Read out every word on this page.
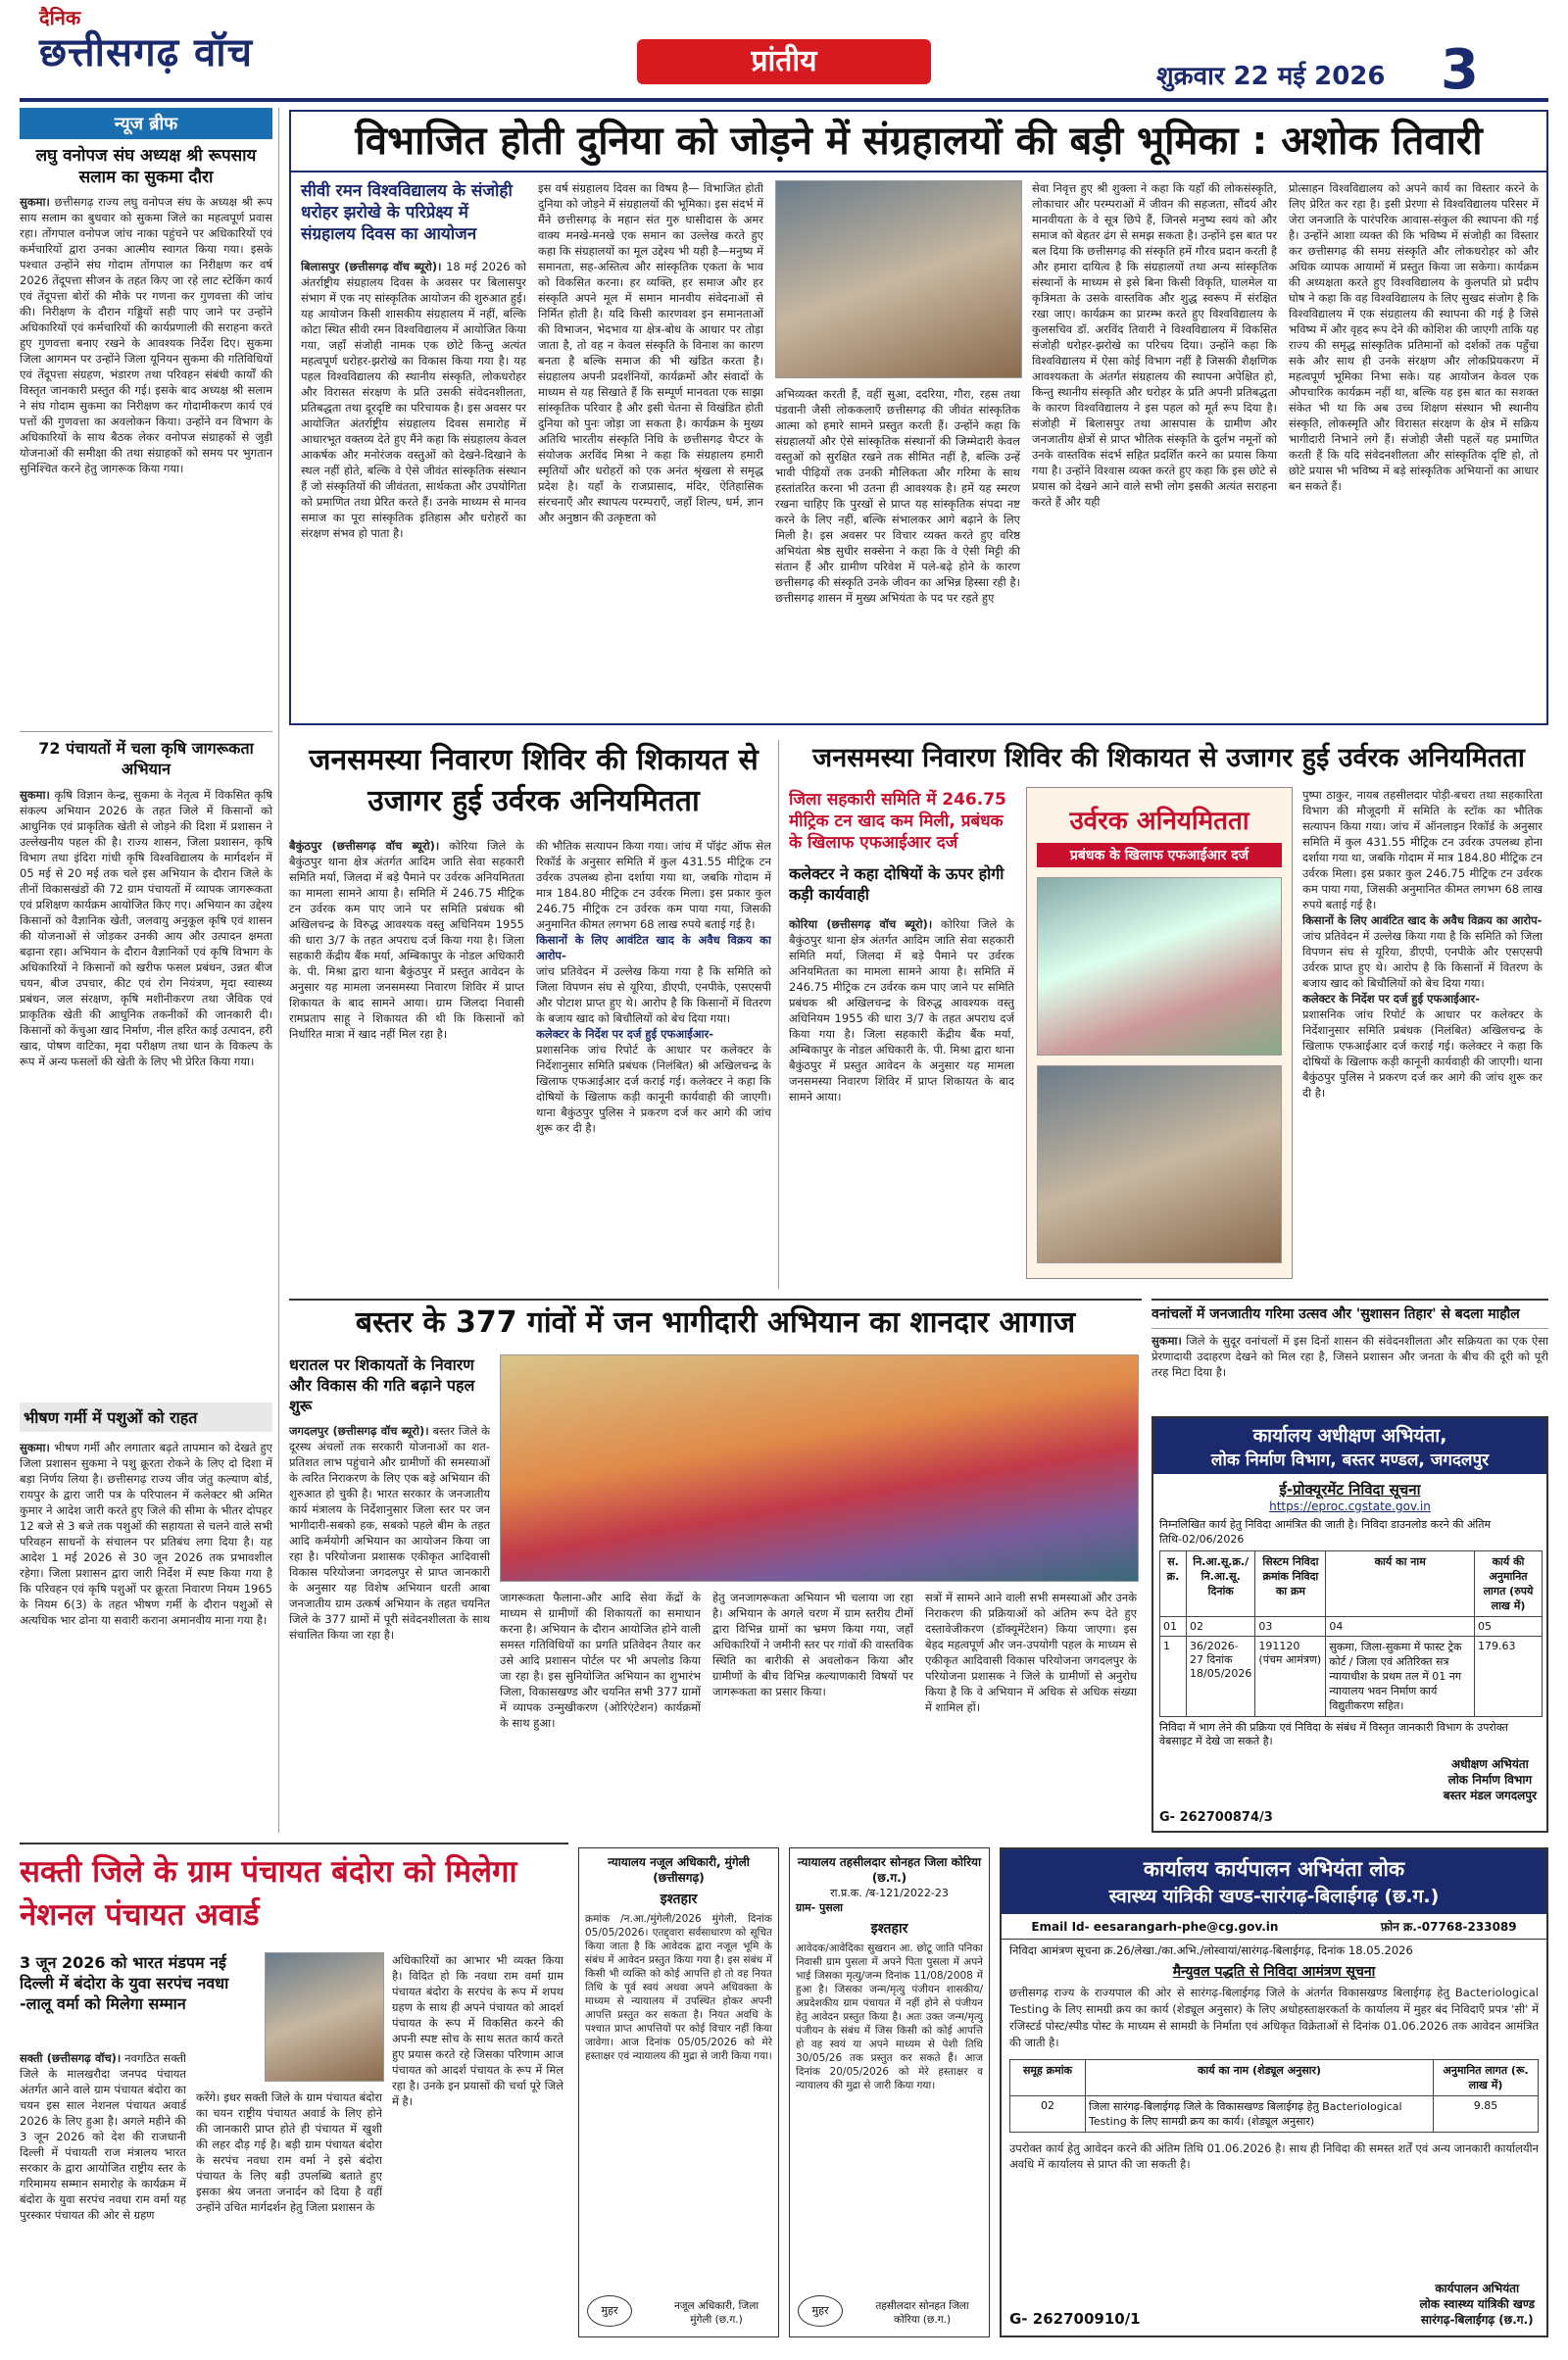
दैनिक
छत्तीसगढ़ वॉच	प्रांतीय	शुक्रवार 22 मई 2026 3
न्यूज ब्रीफ
लघु वनोपज संघ अध्यक्ष श्री रूपसाय सलाम का सुकमा दौरा
सुकमा। छत्तीसगढ़ राज्य लघु वनोपज संघ के अध्यक्ष श्री रूप साय सलाम का बुधवार को सुकमा जिले का महत्वपूर्ण प्रवास रहा। तोंगपाल वनोपज जांच नाका पहुंचने पर अधिकारियों एवं कर्मचारियों द्वारा उनका आत्मीय स्वागत किया गया। इसके पश्चात उन्होंने संघ गोदाम तोंगपाल का निरीक्षण कर वर्ष 2026 तेंदूपत्ता सीजन के तहत किए जा रहे लाट स्टेकिंग कार्य एवं तेंदूपत्ता बोरों की मौके पर गणना कर गुणवत्ता की जांच की। निरीक्षण के दौरान गड्डियों सही पाए जाने पर उन्होंने अधिकारियों एवं कर्मचारियों की कार्यप्रणाली की सराहना करते हुए गुणवत्ता बनाए रखने के आवश्यक निर्देश दिए। सुकमा जिला आगमन पर उन्होंने जिला यूनियन सुकमा की गतिविधियों एवं तेंदूपत्ता संग्रहण, भंडारण तथा परिवहन संबंधी कार्यों की विस्तृत जानकारी प्रस्तुत की गई। इसके बाद अध्यक्ष श्री सलाम ने संघ गोदाम सुकमा का निरीक्षण कर गोदामीकरण कार्य एवं पत्तों की गुणवत्ता का अवलोकन किया। उन्होंने वन विभाग के अधिकारियों के साथ बैठक लेकर वनोपज संग्राहकों से जुड़ी योजनाओं की समीक्षा की तथा संग्राहकों को समय पर भुगतान सुनिश्चित करने हेतु जागरूक किया गया।
72 पंचायतों में चला कृषि जागरूकता अभियान
सुकमा। कृषि विज्ञान केन्द्र, सुकमा के नेतृत्व में विकसित कृषि संकल्प अभियान 2026 के तहत जिले में किसानों को आधुनिक एवं प्राकृतिक खेती से जोड़ने की दिशा में प्रशासन ने उल्लेखनीय पहल की है। राज्य शासन, जिला प्रशासन, कृषि विभाग तथा इंदिरा गांधी कृषि विश्वविद्यालय के मार्गदर्शन में 05 मई से 20 मई तक चले इस अभियान के दौरान जिले के तीनों विकासखंडों की 72 ग्राम पंचायतों में व्यापक जागरूकता एवं प्रशिक्षण कार्यक्रम आयोजित किए गए। अभियान का उद्देश्य किसानों को वैज्ञानिक खेती, जलवायु अनुकूल कृषि एवं शासन की योजनाओं से जोड़कर उनकी आय और उत्पादन क्षमता बढ़ाना रहा। अभियान के दौरान वैज्ञानिकों एवं कृषि विभाग के अधिकारियों ने किसानों को खरीफ फसल प्रबंधन, उन्नत बीज चयन, बीज उपचार, कीट एवं रोग नियंत्रण, मृदा स्वास्थ्य प्रबंधन, जल संरक्षण, कृषि मशीनीकरण तथा जैविक एवं प्राकृतिक खेती की आधुनिक तकनीकों की जानकारी दी। किसानों को केंचुआ खाद निर्माण, नील हरित काई उत्पादन, हरी खाद, पोषण वाटिका, मृदा परीक्षण तथा धान के विकल्प के रूप में अन्य फसलों की खेती के लिए भी प्रेरित किया गया।
भीषण गर्मी में पशुओं को राहत
सुकमा। भीषण गर्मी और लगातार बढ़ते तापमान को देखते हुए जिला प्रशासन सुकमा ने पशु क्रूरता रोकने के लिए दो दिशा में बड़ा निर्णय लिया है। छत्तीसगढ़ राज्य जीव जंतु कल्याण बोर्ड, रायपुर के द्वारा जारी पत्र के परिपालन में कलेक्टर श्री अमित कुमार ने आदेश जारी करते हुए जिले की सीमा के भीतर दोपहर 12 बजे से 3 बजे तक पशुओं की सहायता से चलने वाले सभी परिवहन साधनों के संचालन पर प्रतिबंध लगा दिया है। यह आदेश 1 मई 2026 से 30 जून 2026 तक प्रभावशील रहेगा। जिला प्रशासन द्वारा जारी निर्देश में स्पष्ट किया गया है कि परिवहन एवं कृषि पशुओं पर क्रूरता निवारण नियम 1965 के नियम 6(3) के तहत भीषण गर्मी के दौरान पशुओं से अत्यधिक भार ढोना या सवारी कराना अमानवीय माना गया है।
विभाजित होती दुनिया को जोड़ने में संग्रहालयों की बड़ी भूमिका : अशोक तिवारी
सीवी रमन विश्वविद्यालय के संजोही धरोहर झरोखे के परिप्रेक्ष्य में संग्रहालय दिवस का आयोजन
बिलासपुर (छत्तीसगढ़ वॉच ब्यूरो)। 18 मई 2026 को अंतर्राष्ट्रीय संग्रहालय दिवस के अवसर पर बिलासपुर संभाग में एक नए सांस्कृतिक आयोजन की शुरुआत हुई। यह आयोजन किसी शासकीय संग्रहालय में नहीं, बल्कि कोटा स्थित सीवी रमन विश्वविद्यालय में आयोजित किया गया, जहाँ संजोही नामक एक छोटे किन्तु अत्यंत महत्वपूर्ण धरोहर-झरोखे का विकास किया गया है। यह पहल विश्वविद्यालय की स्थानीय संस्कृति, लोकधरोहर और विरासत संरक्षण के प्रति उसकी संवेदनशीलता, प्रतिबद्धता तथा दूरदृष्टि का परिचायक है। इस अवसर पर आयोजित अंतर्राष्ट्रीय संग्रहालय दिवस समारोह में आधारभूत वक्तव्य देते हुए मैंने कहा कि संग्रहालय केवल आकर्षक और मनोरंजक वस्तुओं को देखने-दिखाने के स्थल नहीं होते, बल्कि वे ऐसे जीवंत सांस्कृतिक संस्थान हैं जो संस्कृतियों की जीवंतता, सार्थकता और उपयोगिता को प्रमाणित तथा प्रेरित करते हैं। उनके माध्यम से मानव समाज का पूरा सांस्कृतिक इतिहास और धरोहरों का संरक्षण संभव हो पाता है।
इस वर्ष संग्रहालय दिवस का विषय है— विभाजित होती दुनिया को जोड़ने में संग्रहालयों की भूमिका। इस संदर्भ में मैंने छत्तीसगढ़ के महान संत गुरु घासीदास के अमर वाक्य मनखे-मनखे एक समान का उल्लेख करते हुए कहा कि संग्रहालयों का मूल उद्देश्य भी यही है—मनुष्य में समानता, सह-अस्तित्व और सांस्कृतिक एकता के भाव को विकसित करना। हर व्यक्ति, हर समाज और हर संस्कृति अपने मूल में समान मानवीय संवेदनाओं से निर्मित होती है। यदि किसी कारणवश इन समानताओं की विभाजन, भेदभाव या क्षेत्र-बोध के आधार पर तोड़ा जाता है, तो वह न केवल संस्कृति के विनाश का कारण बनता है बल्कि समाज की भी खंडित करता है। संग्रहालय अपनी प्रदर्शनियों, कार्यक्रमों और संवादों के माध्यम से यह सिखाते हैं कि सम्पूर्ण मानवता एक साझा सांस्कृतिक परिवार है और इसी चेतना से विखंडित होती दुनिया को पुनः जोड़ा जा सकता है। कार्यक्रम के मुख्य अतिथि भारतीय संस्कृति निधि के छत्तीसगढ़ चैप्टर के संयोजक अरविंद मिश्रा ने कहा कि संग्रहालय हमारी स्मृतियों और धरोहरों को एक अनंत श्रृंखला से समृद्ध प्रदेश है। यहाँ के राजप्रासाद, मंदिर, ऐतिहासिक संरचनाएँ और स्थापत्य परम्पराएँ, जहाँ शिल्प, धर्म, ज्ञान और अनुष्ठान की उत्कृष्टता को
अभिव्यक्त करती हैं, वहीं सुआ, ददरिया, गौरा, रहस तथा पंडवानी जैसी लोककलाएँ छत्तीसगढ़ की जीवंत सांस्कृतिक आत्मा को हमारे सामने प्रस्तुत करती हैं। उन्होंने कहा कि संग्रहालयों और ऐसे सांस्कृतिक संस्थानों की जिम्मेदारी केवल वस्तुओं को सुरक्षित रखने तक सीमित नहीं है, बल्कि उन्हें भावी पीढ़ियों तक उनकी मौलिकता और गरिमा के साथ हस्तांतरित करना भी उतना ही आवश्यक है। हमें यह स्मरण रखना चाहिए कि पुरखों से प्राप्त यह सांस्कृतिक संपदा नष्ट करने के लिए नहीं, बल्कि संभालकर आगे बढ़ाने के लिए मिली है। इस अवसर पर विचार व्यक्त करते हुए वरिष्ठ अभियंता श्रेष्ठ सुधीर सक्सेना ने कहा कि वे ऐसी मिट्टी की संतान हैं और ग्रामीण परिवेश में पले-बढ़े होने के कारण छत्तीसगढ़ की संस्कृति उनके जीवन का अभिन्न हिस्सा रही है। छत्तीसगढ़ शासन में मुख्य अभियंता के पद पर रहते हुए
सेवा निवृत्त हुए श्री शुक्ला ने कहा कि यहाँ की लोकसंस्कृति, लोकाचार और परम्पराओं में जीवन की सहजता, सौंदर्य और मानवीयता के वे सूत्र छिपे हैं, जिनसे मनुष्य स्वयं को और समाज को बेहतर ढंग से समझ सकता है। उन्होंने इस बात पर बल दिया कि छत्तीसगढ़ की संस्कृति हमें गौरव प्रदान करती है और हमारा दायित्व है कि संग्रहालयों तथा अन्य सांस्कृतिक संस्थानों के माध्यम से इसे बिना किसी विकृति, घालमेल या कृत्रिमता के उसके वास्तविक और शुद्ध स्वरूप में संरक्षित रखा जाए। कार्यक्रम का प्रारम्भ करते हुए विश्वविद्यालय के कुलसचिव डॉ. अरविंद तिवारी ने विश्वविद्यालय में विकसित संजोही धरोहर-झरोखे का परिचय दिया। उन्होंने कहा कि विश्वविद्यालय में ऐसा कोई विभाग नहीं है जिसकी शैक्षणिक आवश्यकता के अंतर्गत संग्रहालय की स्थापना अपेक्षित हो, किन्तु स्थानीय संस्कृति और धरोहर के प्रति अपनी प्रतिबद्धता के कारण विश्वविद्यालय ने इस पहल को मूर्त रूप दिया है। संजोही में बिलासपुर तथा आसपास के ग्रामीण और जनजातीय क्षेत्रों से प्राप्त भौतिक संस्कृति के दुर्लभ नमूनों को उनके वास्तविक संदर्भ सहित प्रदर्शित करने का प्रयास किया गया है। उन्होंने विश्वास व्यक्त करते हुए कहा कि इस छोटे से प्रयास को देखने आने वाले सभी लोग इसकी अत्यंत सराहना करते हैं और यही
प्रोत्साहन विश्वविद्यालय को अपने कार्य का विस्तार करने के लिए प्रेरित कर रहा है। इसी प्रेरणा से विश्वविद्यालय परिसर में जेरा जनजाति के पारंपरिक आवास-संकुल की स्थापना की गई है। उन्होंने आशा व्यक्त की कि भविष्य में संजोही का विस्तार कर छत्तीसगढ़ की समग्र संस्कृति और लोकधरोहर को और अधिक व्यापक आयामों में प्रस्तुत किया जा सकेगा। कार्यक्रम की अध्यक्षता करते हुए विश्वविद्यालय के कुलपति प्रो प्रदीप घोष ने कहा कि वह विश्वविद्यालय के लिए सुखद संजोग है कि विश्वविद्यालय में एक संग्रहालय की स्थापना की गई है जिसे भविष्य में और वृहद रूप देने की कोशिश की जाएगी ताकि यह राज्य की समृद्ध सांस्कृतिक प्रतिमानों को दर्शकों तक पहुँचा सके और साथ ही उनके संरक्षण और लोकप्रियकरण में महत्वपूर्ण भूमिका निभा सके। यह आयोजन केवल एक औपचारिक कार्यक्रम नहीं था, बल्कि यह इस बात का सशक्त संकेत भी था कि अब उच्च शिक्षण संस्थान भी स्थानीय संस्कृति, लोकस्मृति और विरासत संरक्षण के क्षेत्र में सक्रिय भागीदारी निभाने लगे हैं। संजोही जैसी पहलें यह प्रमाणित करती हैं कि यदि संवेदनशीलता और सांस्कृतिक दृष्टि हो, तो छोटे प्रयास भी भविष्य में बड़े सांस्कृतिक अभियानों का आधार बन सकते हैं।
जनसमस्या निवारण शिविर की शिकायत से उजागर हुई उर्वरक अनियमितता
बैकुंठपुर (छत्तीसगढ़ वॉच ब्यूरो)। कोरिया जिले के बैकुंठपुर थाना क्षेत्र अंतर्गत आदिम जाति सेवा सहकारी समिति मर्या, जिलदा में बड़े पैमाने पर उर्वरक अनियमितता का मामला सामने आया है। समिति में 246.75 मीट्रिक टन उर्वरक कम पाए जाने पर समिति प्रबंधक श्री अखिलचन्द्र के विरुद्ध आवश्यक वस्तु अधिनियम 1955 की धारा 3/7 के तहत अपराध दर्ज किया गया है। जिला सहकारी केंद्रीय बैंक मर्या, अम्बिकापुर के नोडल अधिकारी के. पी. मिश्रा द्वारा थाना बैकुंठपुर में प्रस्तुत आवेदन के अनुसार यह मामला जनसमस्या निवारण शिविर में प्राप्त शिकायत के बाद सामने आया। ग्राम जिलदा निवासी रामप्रताप साहू ने शिकायत की थी कि किसानों को निर्धारित मात्रा में खाद नहीं मिल रहा है।
की भौतिक सत्यापन किया गया। जांच में पॉइंट ऑफ सेल रिकॉर्ड के अनुसार समिति में कुल 431.55 मीट्रिक टन उर्वरक उपलब्ध होना दर्शाया गया था, जबकि गोदाम में मात्र 184.80 मीट्रिक टन उर्वरक मिला। इस प्रकार कुल 246.75 मीट्रिक टन उर्वरक कम पाया गया, जिसकी अनुमानित कीमत लगभग 68 लाख रुपये बताई गई है।
किसानों के लिए आवंटित खाद के अवैध विक्रय का आरोप-
जांच प्रतिवेदन में उल्लेख किया गया है कि समिति को जिला विपणन संघ से यूरिया, डीएपी, एनपीके, एसएसपी और पोटाश प्राप्त हुए थे। आरोप है कि किसानों में वितरण के बजाय खाद को बिचौलियों को बेच दिया गया।
कलेक्टर के निर्देश पर दर्ज हुई एफआईआर-
प्रशासनिक जांच रिपोर्ट के आधार पर कलेक्टर के निर्देशानुसार समिति प्रबंधक (निलंबित) श्री अखिलचन्द्र के खिलाफ एफआईआर दर्ज कराई गई। कलेक्टर ने कहा कि दोषियों के खिलाफ कड़ी कानूनी कार्यवाही की जाएगी। थाना बैकुंठपुर पुलिस ने प्रकरण दर्ज कर आगे की जांच शुरू कर दी है।
जनसमस्या निवारण शिविर की शिकायत से उजागर हुई उर्वरक अनियमितता
जिला सहकारी समिति में 246.75 मीट्रिक टन खाद कम मिली, प्रबंधक के खिलाफ एफआईआर दर्ज
कलेक्टर ने कहा दोषियों के ऊपर होगी कड़ी कार्यवाही
कोरिया (छत्तीसगढ़ वॉच ब्यूरो)। कोरिया जिले के बैकुंठपुर थाना क्षेत्र अंतर्गत आदिम जाति सेवा सहकारी समिति मर्या, जिलदा में बड़े पैमाने पर उर्वरक अनियमितता का मामला सामने आया है। समिति में 246.75 मीट्रिक टन उर्वरक कम पाए जाने पर समिति प्रबंधक श्री अखिलचन्द्र के विरुद्ध आवश्यक वस्तु अधिनियम 1955 की धारा 3/7 के तहत अपराध दर्ज किया गया है। जिला सहकारी केंद्रीय बैंक मर्या, अम्बिकापुर के नोडल अधिकारी के. पी. मिश्रा द्वारा थाना बैकुंठपुर में प्रस्तुत आवेदन के अनुसार यह मामला जनसमस्या निवारण शिविर में प्राप्त शिकायत के बाद सामने आया।
उर्वरक अनियमितता
प्रबंधक के खिलाफ एफआईआर दर्ज
पुष्पा ठाकुर, नायब तहसीलदार पोड़ी-बचरा तथा सहकारिता विभाग की मौजूदगी में समिति के स्टॉक का भौतिक सत्यापन किया गया। जांच में ऑनलाइन रिकॉर्ड के अनुसार समिति में कुल 431.55 मीट्रिक टन उर्वरक उपलब्ध होना दर्शाया गया था, जबकि गोदाम में मात्र 184.80 मीट्रिक टन उर्वरक मिला। इस प्रकार कुल 246.75 मीट्रिक टन उर्वरक कम पाया गया, जिसकी अनुमानित कीमत लगभग 68 लाख रुपये बताई गई है।
किसानों के लिए आवंटित खाद के अवैध विक्रय का आरोप-
जांच प्रतिवेदन में उल्लेख किया गया है कि समिति को जिला विपणन संघ से यूरिया, डीएपी, एनपीके और एसएसपी उर्वरक प्राप्त हुए थे। आरोप है कि किसानों में वितरण के बजाय खाद को बिचौलियों को बेच दिया गया।
कलेक्टर के निर्देश पर दर्ज हुई एफआईआर-
प्रशासनिक जांच रिपोर्ट के आधार पर कलेक्टर के निर्देशानुसार समिति प्रबंधक (निलंबित) अखिलचन्द्र के खिलाफ एफआईआर दर्ज कराई गई। कलेक्टर ने कहा कि दोषियों के खिलाफ कड़ी कानूनी कार्यवाही की जाएगी। थाना बैकुंठपुर पुलिस ने प्रकरण दर्ज कर आगे की जांच शुरू कर दी है।
बस्तर के 377 गांवों में जन भागीदारी अभियान का शानदार आगाज
धरातल पर शिकायतों के निवारण और विकास की गति बढ़ाने पहल शुरू
जगदलपुर (छत्तीसगढ़ वॉच ब्यूरो)। बस्तर जिले के दूरस्थ अंचलों तक सरकारी योजनाओं का शत-प्रतिशत लाभ पहुंचाने और ग्रामीणों की समस्याओं के त्वरित निराकरण के लिए एक बड़े अभियान की शुरुआत हो चुकी है। भारत सरकार के जनजातीय कार्य मंत्रालय के निर्देशानुसार जिला स्तर पर जन भागीदारी-सबको हक, सबको पहले बीम के तहत आदि कर्मयोगी अभियान का आयोजन किया जा रहा है। परियोजना प्रशासक एकीकृत आदिवासी विकास परियोजना जगदलपुर से प्राप्त जानकारी के अनुसार यह विशेष अभियान धरती आबा जनजातीय ग्राम उत्कर्ष अभियान के तहत चयनित जिले के 377 ग्रामों में पूरी संवेदनशीलता के साथ संचालित किया जा रहा है।
जागरूकता फैलाना-और आदि सेवा केंद्रों के माध्यम से ग्रामीणों की शिकायतों का समाधान करना है। अभियान के दौरान आयोजित होने वाली समस्त गतिविधियों का प्रगति प्रतिवेदन तैयार कर उसे आदि प्रशासन पोर्टल पर भी अपलोड किया जा रहा है। इस सुनियोजित अभियान का शुभारंभ जिला, विकासखण्ड और चयनित सभी 377 ग्रामों में व्यापक उन्मुखीकरण (ओरिएंटेशन) कार्यक्रमों के साथ हुआ।
हेतु जनजागरूकता अभियान भी चलाया जा रहा है। अभियान के अगले चरण में ग्राम स्तरीय टीमों द्वारा विभिन्न ग्रामों का भ्रमण किया गया, जहाँ अधिकारियों ने जमीनी स्तर पर गांवों की वास्तविक स्थिति का बारीकी से अवलोकन किया और ग्रामीणों के बीच विभिन्न कल्याणकारी विषयों पर जागरूकता का प्रसार किया।
सत्रों में सामने आने वाली सभी समस्याओं और उनके निराकरण की प्रक्रियाओं को अंतिम रूप देते हुए दस्तावेजीकरण (डॉक्यूमेंटेशन) किया जाएगा। इस बेहद महत्वपूर्ण और जन-उपयोगी पहल के माध्यम से एकीकृत आदिवासी विकास परियोजना जगदलपुर के परियोजना प्रशासक ने जिले के ग्रामीणों से अनुरोध किया है कि वे अभियान में अधिक से अधिक संख्या में शामिल हों।
वनांचलों में जनजातीय गरिमा उत्सव और 'सुशासन तिहार' से बदला माहौल
सुकमा। जिले के सुदूर वनांचलों में इस दिनों शासन की संवेदनशीलता और सक्रियता का एक ऐसा प्रेरणादायी उदाहरण देखने को मिल रहा है, जिसने प्रशासन और जनता के बीच की दूरी को पूरी तरह मिटा दिया है।
कार्यालय अधीक्षण अभियंता,
लोक निर्माण विभाग, बस्तर मण्डल, जगदलपुर
ई-प्रोक्यूरमेंट निविदा सूचना
https://eproc.cgstate.gov.in
निम्नलिखित कार्य हेतु निविदा आमंत्रित की जाती है। निविदा डाउनलोड करने की अंतिम तिथि-02/06/2026
स. क्र.	नि.आ.सू.क्र./ नि.आ.सू. दिनांक	सिस्टम निविदा क्रमांक निविदा का क्रम	कार्य का नाम	कार्य की अनुमानित लागत (रुपये लाख में)
01	02	03	04	05
1	36/2026-27 दिनांक 18/05/2026	191120 (पंचम आमंत्रण)	सुकमा, जिला-सुकमा में फास्ट ट्रेक कोर्ट / जिला एवं अतिरिक्त सत्र न्यायाधीश के प्रथम तल में 01 नग न्यायालय भवन निर्माण कार्य विद्युतीकरण सहित।	179.63
निविदा में भाग लेने की प्रक्रिया एवं निविदा के संबंध में विस्तृत जानकारी विभाग के उपरोक्त वेबसाइट में देखे जा सकते है।
अधीक्षण अभियंता
लोक निर्माण विभाग
बस्तर मंडल जगदलपुर
G- 262700874/3
सक्ती जिले के ग्राम पंचायत बंदोरा को मिलेगा नेशनल पंचायत अवार्ड
3 जून 2026 को भारत मंडपम नई दिल्ली में बंदोरा के युवा सरपंच नवधा -लालू वर्मा को मिलेगा सम्मान
सक्ती (छत्तीसगढ़ वॉच)। नवगठित सक्ती जिले के मालखरौदा जनपद पंचायत अंतर्गत आने वाले ग्राम पंचायत बंदोरा का चयन इस साल नेशनल पंचायत अवार्ड 2026 के लिए हुआ है। अगले महीने की 3 जून 2026 को देश की राजधानी दिल्ली में पंचायती राज मंत्रालय भारत सरकार के द्वारा आयोजित राष्ट्रीय स्तर के गरिमामय सम्मान समारोह के कार्यक्रम में बंदोरा के युवा सरपंच नवधा राम वर्मा यह पुरस्कार पंचायत की ओर से ग्रहण
करेंगे। इधर सक्ती जिले के ग्राम पंचायत बंदोरा का चयन राष्ट्रीय पंचायत अवार्ड के लिए होने की जानकारी प्राप्त होते ही पंचायत में खुशी की लहर दौड़ गई है। बड़ी ग्राम पंचायत बंदोरा के सरपंच नवधा राम वर्मा ने इसे बंदोरा पंचायत के लिए बड़ी उपलब्धि बताते हुए इसका श्रेय जनता जनार्दन को दिया है वहीं उन्होंने उचित मार्गदर्शन हेतु जिला प्रशासन के
अधिकारियों का आभार भी व्यक्त किया है। विदित हो कि नवधा राम वर्मा ग्राम पंचायत बंदोरा के सरपंच के रूप में शपथ ग्रहण के साथ ही अपने पंचायत को आदर्श पंचायत के रूप में विकसित करने की अपनी स्पष्ट सोच के साथ सतत कार्य करते हुए प्रयास करते रहे जिसका परिणाम आज पंचायत को आदर्श पंचायत के रूप में मिल रहा है। उनके इन प्रयासों की चर्चा पूरे जिले में है।
न्यायालय नजूल अधिकारी, मुंगेली (छत्तीसगढ़)
इश्तहार
क्रमांक /न.आ./मुंगेली/2026 मुंगेली, दिनांक 05/05/2026। एतद्द्वारा सर्वसाधारण को सूचित किया जाता है कि आवेदक द्वारा नजूल भूमि के संबंध में आवेदन प्रस्तुत किया गया है। इस संबंध में किसी भी व्यक्ति को कोई आपत्ति हो तो वह नियत तिथि के पूर्व स्वयं अथवा अपने अधिवक्ता के माध्यम से न्यायालय में उपस्थित होकर अपनी आपत्ति प्रस्तुत कर सकता है। नियत अवधि के पश्चात प्राप्त आपत्तियों पर कोई विचार नहीं किया जावेगा। आज दिनांक 05/05/2026 को मेरे हस्ताक्षर एवं न्यायालय की मुद्रा से जारी किया गया।
मुहर	नजूल अधिकारी, जिला मुंगेली (छ.ग.)
न्यायालय तहसीलदार सोनहत जिला कोरिया (छ.ग.)
रा.प्र.क. /ब-121/2022-23
ग्राम- पुसला
इश्तहार
आवेदक/आवेदिका सुखरान आ. छोटू जाति पनिका निवासी ग्राम पुसला में अपने पिता पुसला में अपने भाई जिसका मृत्यु/जन्म दिनांक 11/08/2008 में हुआ है। जिसका जन्म/मृत्यु पंजीयन शासकीय/अप्रदेशकीय ग्राम पंचायत में नहीं होने से पंजीयन हेतु आवेदन प्रस्तुत किया है। अतः उक्त जन्म/मृत्यु पंजीयन के संबंध में जिस किसी को कोई आपत्ति हो वह स्वयं या अपने माध्यम से पेशी तिथि 30/05/26 तक प्रस्तुत कर सकते हैं। आज दिनांक 20/05/2026 को मेरे हस्ताक्षर व न्यायालय की मुद्रा से जारी किया गया।
मुहर	तहसीलदार सोनहत जिला कोरिया (छ.ग.)
कार्यालय कार्यपालन अभियंता लोक
स्वास्थ्य यांत्रिकी खण्ड-सारंगढ़-बिलाईगढ़ (छ.ग.)
Email Id- eesarangarh-phe@cg.gov.in                         फ़ोन क्र.-07768-233089
निविदा आमंत्रण सूचना क्र.26/लेखा./का.अभि./लोस्वायां/सारंगढ़-बिलाईगढ़, दिनांक 18.05.2026
मैन्युवल पद्धति से निविदा आमंत्रण सूचना
छत्तीसगढ़ राज्य के राज्यपाल की ओर से सारंगढ़-बिलाईगढ़ जिले के अंतर्गत विकासखण्ड बिलाईगढ़ हेतु Bacteriological Testing के लिए सामग्री क्रय का कार्य (शेड्यूल अनुसार) के लिए अधोहस्ताक्षरकर्ता के कार्यालय में मुहर बंद निविदाएँ प्रपत्र 'सी' में रजिस्टर्ड पोस्ट/स्पीड पोस्ट के माध्यम से सामग्री के निर्माता एवं अधिकृत विक्रेताओं से दिनांक 01.06.2026 तक आवेदन आमंत्रित की जाती है।
समूह क्रमांक	कार्य का नाम (शेड्यूल अनुसार)	अनुमानित लागत (रू. लाख में)
02	जिला सारंगढ़-बिलाईगढ़ जिले के विकासखण्ड बिलाईगढ़ हेतु Bacteriological Testing के लिए सामग्री क्रय का कार्य। (शेड्यूल अनुसार)	9.85
उपरोक्त कार्य हेतु आवेदन करने की अंतिम तिथि 01.06.2026 है। साथ ही निविदा की समस्त शर्तें एवं अन्य जानकारी कार्यालयीन अवधि में कार्यालय से प्राप्त की जा सकती है।
G- 262700910/1
कार्यपालन अभियंता
लोक स्वास्थ्य यांत्रिकी खण्ड
सारंगढ़-बिलाईगढ़ (छ.ग.)
